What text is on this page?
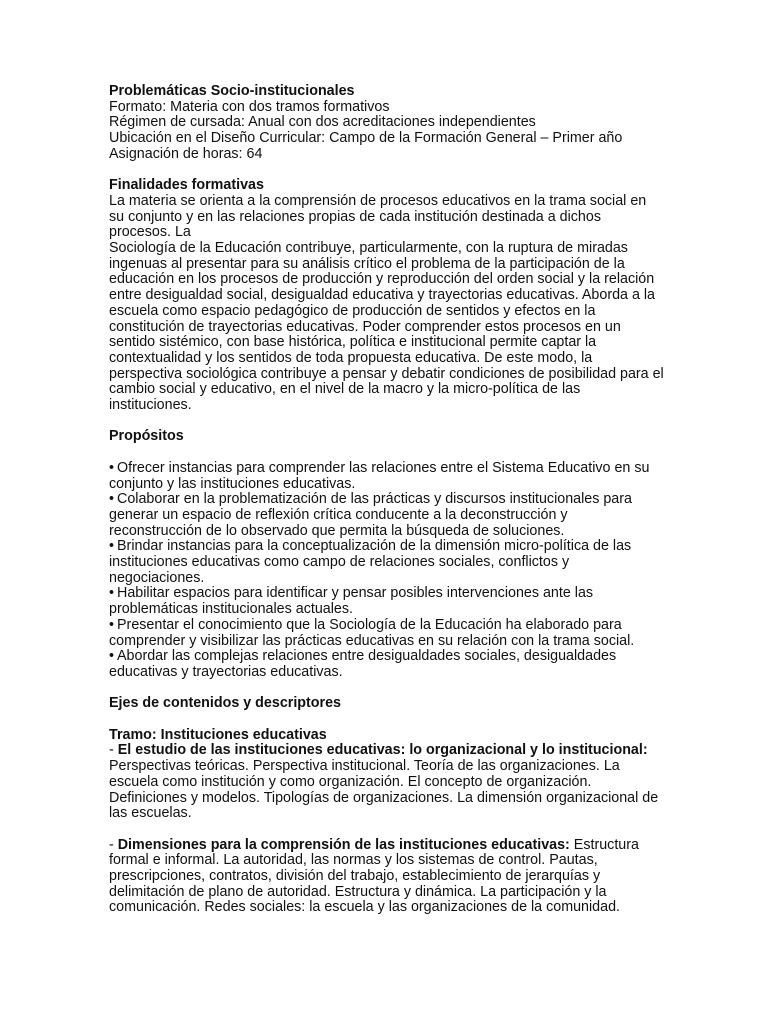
Problemáticas Socio-institucionales

Formato: Materia con dos tramos formativos

Régimen de cursada: Anual con dos acreditaciones independientes

Ubicación en el Diseño Curricular: Campo de la Formación General – Primer año

Asignación de horas: 64

Finalidades formativas

La materia se orienta a la comprensión de procesos educativos en la trama social en su conjunto y en las relaciones propias de cada institución destinada a dichos procesos. La

Sociología de la Educación contribuye, particularmente, con la ruptura de miradas ingenuas al presentar para su análisis crítico el problema de la participación de la educación en los procesos de producción y reproducción del orden social y la relación entre desigualdad social, desigualdad educativa y trayectorias educativas. Aborda a la escuela como espacio pedagógico de producción de sentidos y efectos en la constitución de trayectorias educativas. Poder comprender estos procesos en un sentido sistémico, con base histórica, política e institucional permite captar la contextualidad y los sentidos de toda propuesta educativa. De este modo, la perspectiva sociológica contribuye a pensar y debatir condiciones de posibilidad para el cambio social y educativo, en el nivel de la macro y la micro-política de las instituciones.

Propósitos

• Ofrecer instancias para comprender las relaciones entre el Sistema Educativo en su conjunto y las instituciones educativas.

• Colaborar en la problematización de las prácticas y discursos institucionales para generar un espacio de reflexión crítica conducente a la deconstrucción y reconstrucción de lo observado que permita la búsqueda de soluciones.

• Brindar instancias para la conceptualización de la dimensión micro-política de las instituciones educativas como campo de relaciones sociales, conflictos y negociaciones.

• Habilitar espacios para identificar y pensar posibles intervenciones ante las problemáticas institucionales actuales.

• Presentar el conocimiento que la Sociología de la Educación ha elaborado para comprender y visibilizar las prácticas educativas en su relación con la trama social.

• Abordar las complejas relaciones entre desigualdades sociales, desigualdades educativas y trayectorias educativas.

Ejes de contenidos y descriptores

Tramo: Instituciones educativas

- El estudio de las instituciones educativas: lo organizacional y lo institucional: Perspectivas teóricas. Perspectiva institucional. Teoría de las organizaciones. La escuela como institución y como organización. El concepto de organización. Definiciones y modelos. Tipologías de organizaciones. La dimensión organizacional de las escuelas.

- Dimensiones para la comprensión de las instituciones educativas: Estructura formal e informal. La autoridad, las normas y los sistemas de control. Pautas, prescripciones, contratos, división del trabajo, establecimiento de jerarquías y delimitación de plano de autoridad. Estructura y dinámica. La participación y la comunicación. Redes sociales: la escuela y las organizaciones de la comunidad.
